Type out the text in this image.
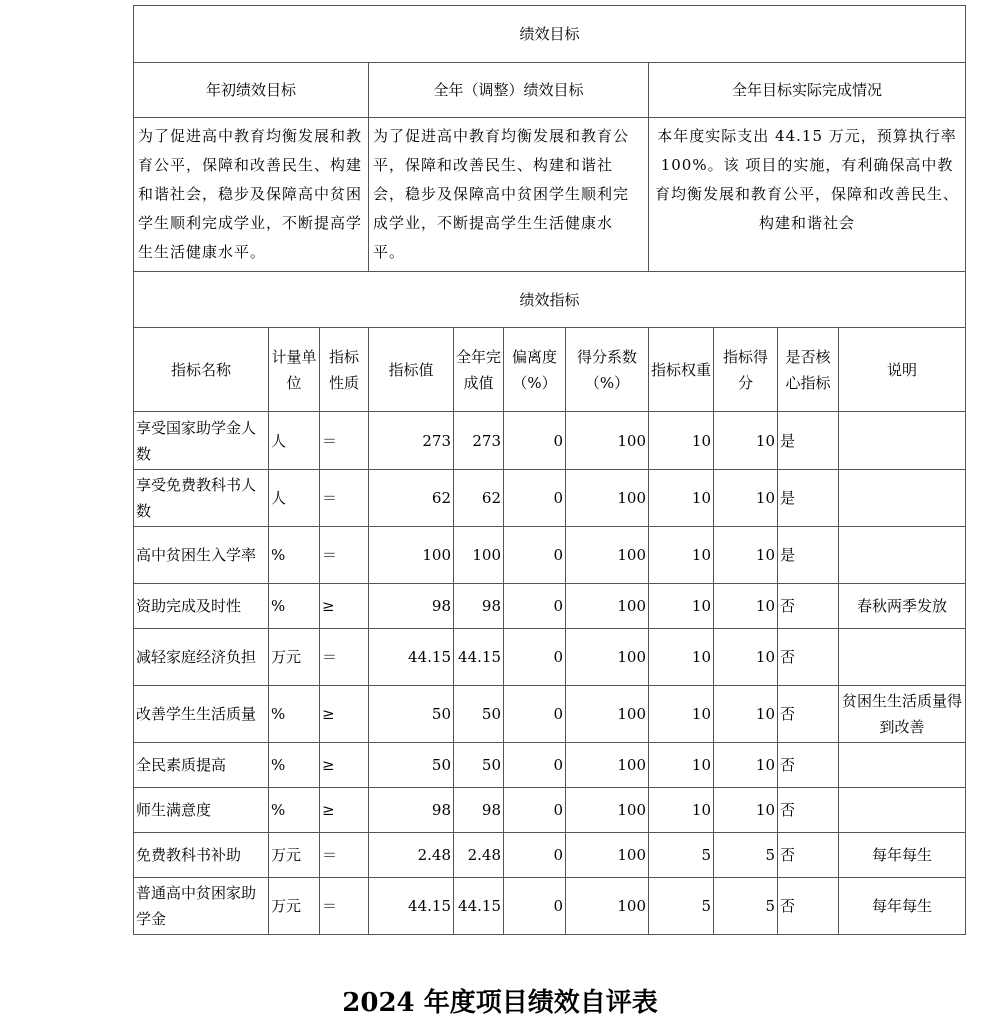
绩效目标										
年初绩效目标			全年（调整）绩效目标				全年目标实际完成情况			
为了促进高中教育均衡发展和教育公平，保障和改善民生、构建和谐社会，稳步及保障高中贫困学生顺利完成学业，不断提高学生生活健康水平。			为了促进高中教育均衡发展和教育公平，保障和改善民生、构建和谐社会，稳步及保障高中贫困学生顺利完成学业，不断提高学生生活健康水平。				本年度实际支出 44.15 万元，预算执行率 100%。该 项目的实施，有利确保高中教育均衡发展和教育公平，保障和改善民生、构建和谐社会			
绩效指标										
指标名称	计量单位	指标性质	指标值	全年完成值	偏离度（%）	得分系数（%）	指标权重	指标得分	是否核心指标	说明
享受国家助学金人数	人	＝	273	273	0	100	10	10	是	
享受免费教科书人数	人	＝	62	62	0	100	10	10	是	
高中贫困生入学率	%	＝	100	100	0	100	10	10	是	
资助完成及时性	%	≥	98	98	0	100	10	10	否	春秋两季发放
减轻家庭经济负担	万元	＝	44.15	44.15	0	100	10	10	否	
改善学生生活质量	%	≥	50	50	0	100	10	10	否	贫困生生活质量得到改善
全民素质提高	%	≥	50	50	0	100	10	10	否	
师生满意度	%	≥	98	98	0	100	10	10	否	
免费教科书补助	万元	＝	2.48	2.48	0	100	5	5	否	每年每生
普通高中贫困家助学金	万元	＝	44.15	44.15	0	100	5	5	否	每年每生
2024 年度项目绩效自评表
